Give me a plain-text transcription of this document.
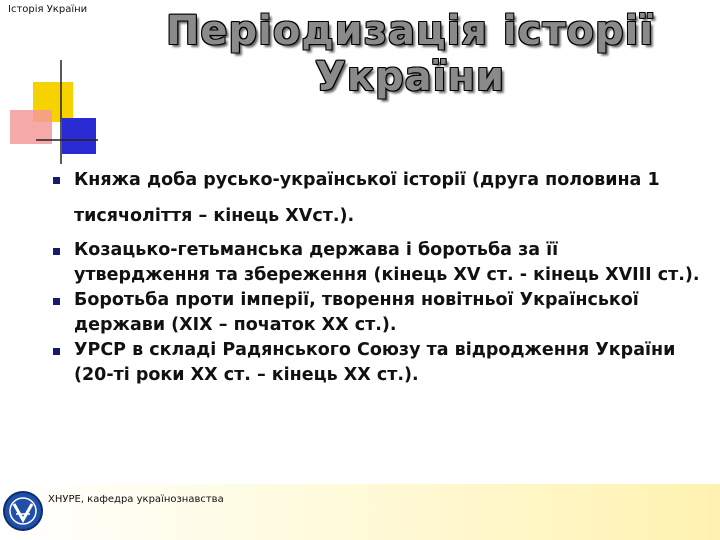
Історія України	Періодизація історії
України
Княжа доба русько-української історії (друга половина 1 тисячоліття – кінець XVст.).
Козацько-гетьманська держава і боротьба за її утвердження та збереження (кінець XV ст. - кінець XVIII ст.).
Боротьба проти імперії, творення новітньої Української держави (XIX – початок XX ст.).
УРСР в складі Радянського Союзу та відродження України (20-ті роки XX ст. – кінець XX ст.).
ХНУРЕ, кафедра українознавства
